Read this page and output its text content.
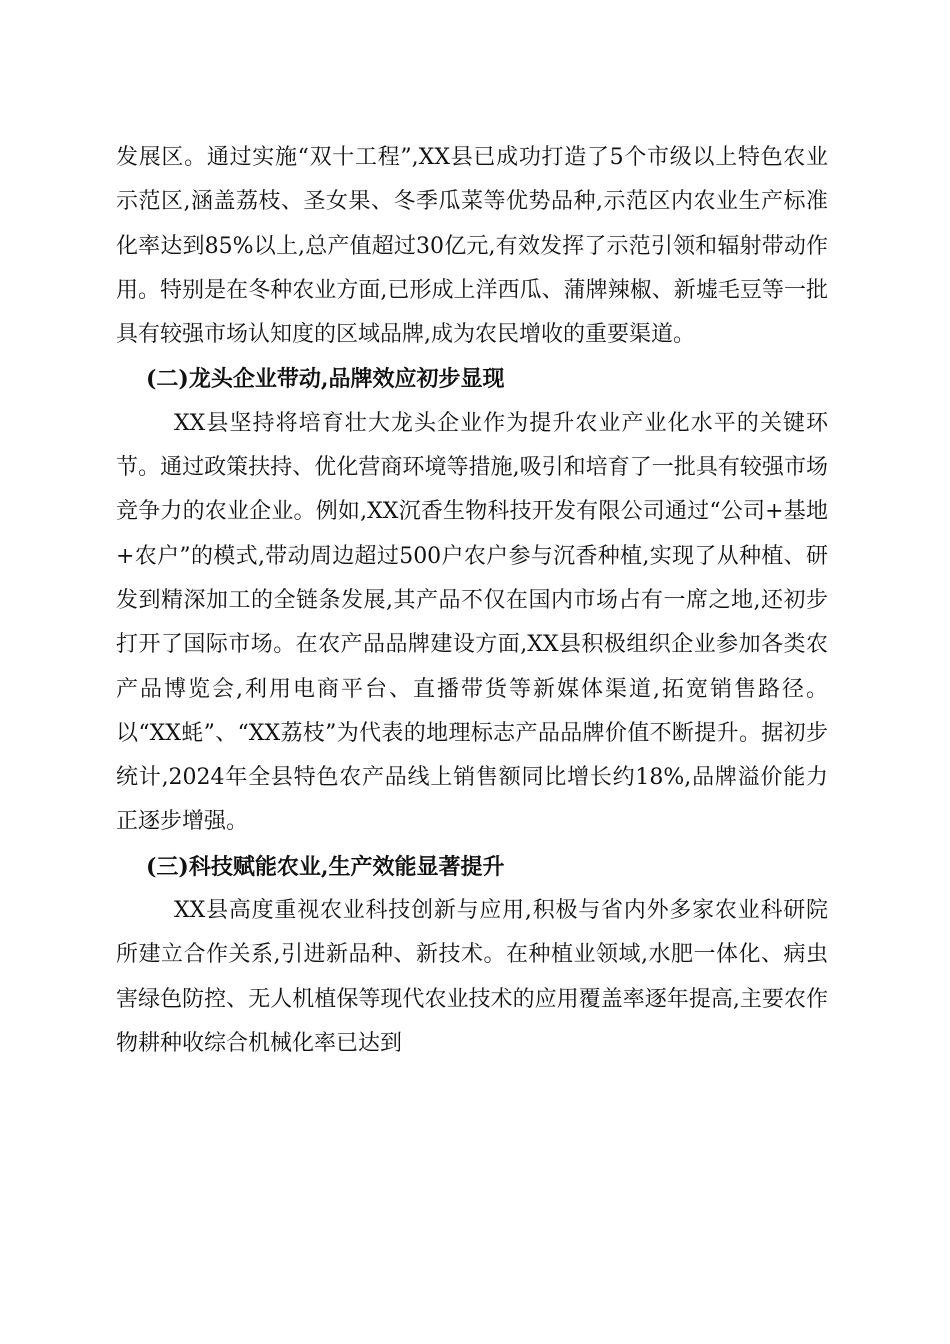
发展区。通过实施“双十工程”,XX县已成功打造了5个市级以上特色农业示范区,涵盖荔枝、圣女果、冬季瓜菜等优势品种,示范区内农业生产标准化率达到85%以上,总产值超过30亿元,有效发挥了示范引领和辐射带动作用。特别是在冬种农业方面,已形成上洋西瓜、蒲牌辣椒、新墟毛豆等一批具有较强市场认知度的区域品牌,成为农民增收的重要渠道。

(二)龙头企业带动,品牌效应初步显现

XX县坚持将培育壮大龙头企业作为提升农业产业化水平的关键环节。通过政策扶持、优化营商环境等措施,吸引和培育了一批具有较强市场竞争力的农业企业。例如,XX沉香生物科技开发有限公司通过“公司+基地+农户”的模式,带动周边超过500户农户参与沉香种植,实现了从种植、研发到精深加工的全链条发展,其产品不仅在国内市场占有一席之地,还初步打开了国际市场。在农产品品牌建设方面,XX县积极组织企业参加各类农产品博览会,利用电商平台、直播带货等新媒体渠道,拓宽销售路径。以“XX蚝”、“XX荔枝”为代表的地理标志产品品牌价值不断提升。据初步统计,2024年全县特色农产品线上销售额同比增长约18%,品牌溢价能力正逐步增强。

(三)科技赋能农业,生产效能显著提升

XX县高度重视农业科技创新与应用,积极与省内外多家农业科研院所建立合作关系,引进新品种、新技术。在种植业领域,水肥一体化、病虫害绿色防控、无人机植保等现代农业技术的应用覆盖率逐年提高,主要农作物耕种收综合机械化率已达到
